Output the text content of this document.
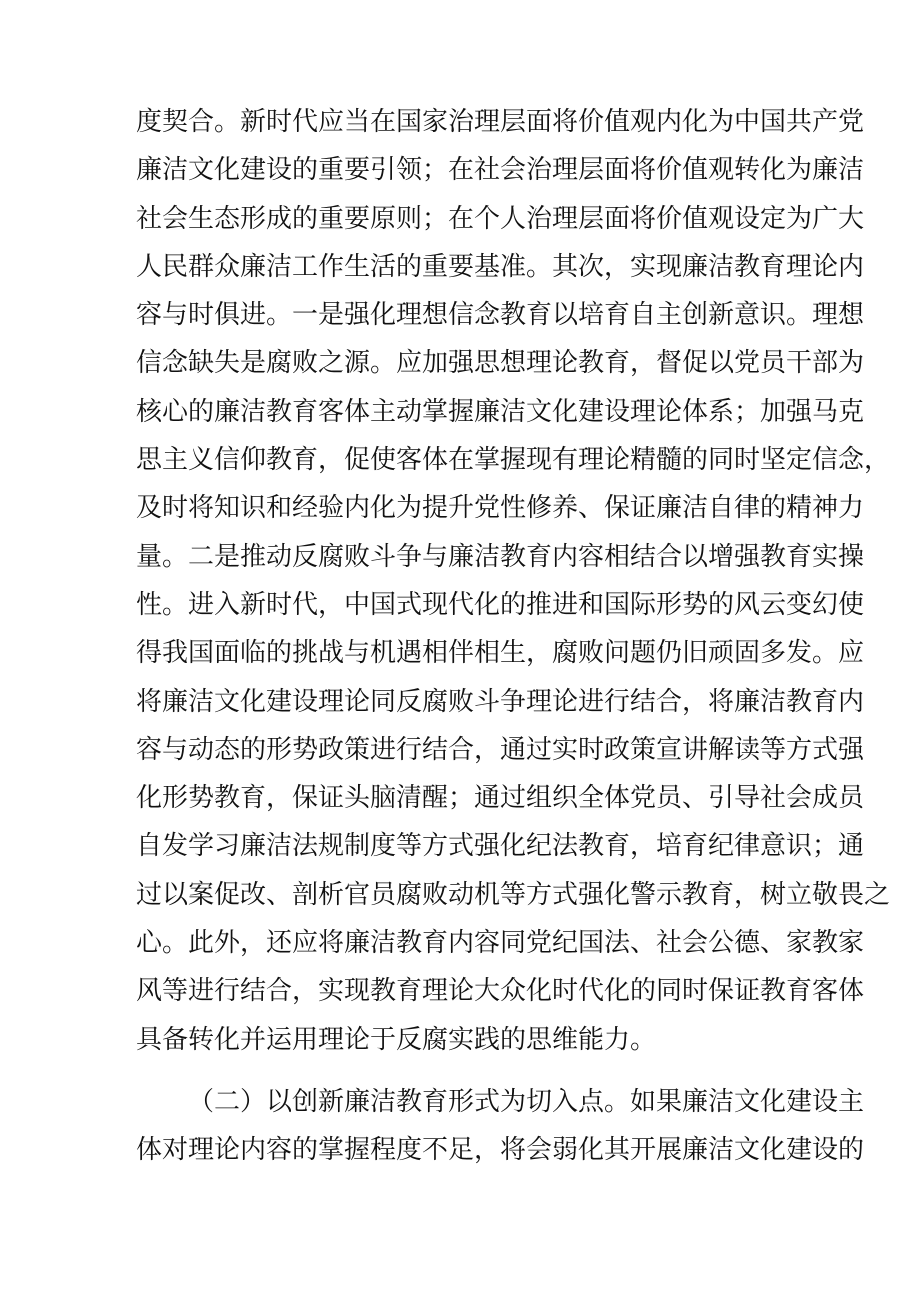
度契合。新时代应当在国家治理层面将价值观内化为中国共产党
廉洁文化建设的重要引领；在社会治理层面将价值观转化为廉洁
社会生态形成的重要原则；在个人治理层面将价值观设定为广大
人民群众廉洁工作生活的重要基准。其次，实现廉洁教育理论内
容与时俱进。一是强化理想信念教育以培育自主创新意识。理想
信念缺失是腐败之源。应加强思想理论教育，督促以党员干部为
核心的廉洁教育客体主动掌握廉洁文化建设理论体系；加强马克
思主义信仰教育，促使客体在掌握现有理论精髓的同时坚定信念，
及时将知识和经验内化为提升党性修养、保证廉洁自律的精神力
量。二是推动反腐败斗争与廉洁教育内容相结合以增强教育实操
性。进入新时代，中国式现代化的推进和国际形势的风云变幻使
得我国面临的挑战与机遇相伴相生，腐败问题仍旧顽固多发。应
将廉洁文化建设理论同反腐败斗争理论进行结合，将廉洁教育内
容与动态的形势政策进行结合，通过实时政策宣讲解读等方式强
化形势教育，保证头脑清醒；通过组织全体党员、引导社会成员
自发学习廉洁法规制度等方式强化纪法教育，培育纪律意识；通
过以案促改、剖析官员腐败动机等方式强化警示教育，树立敬畏之
心。此外，还应将廉洁教育内容同党纪国法、社会公德、家教家
风等进行结合，实现教育理论大众化时代化的同时保证教育客体
具备转化并运用理论于反腐实践的思维能力。
（二）以创新廉洁教育形式为切入点。如果廉洁文化建设主
体对理论内容的掌握程度不足，将会弱化其开展廉洁文化建设的
